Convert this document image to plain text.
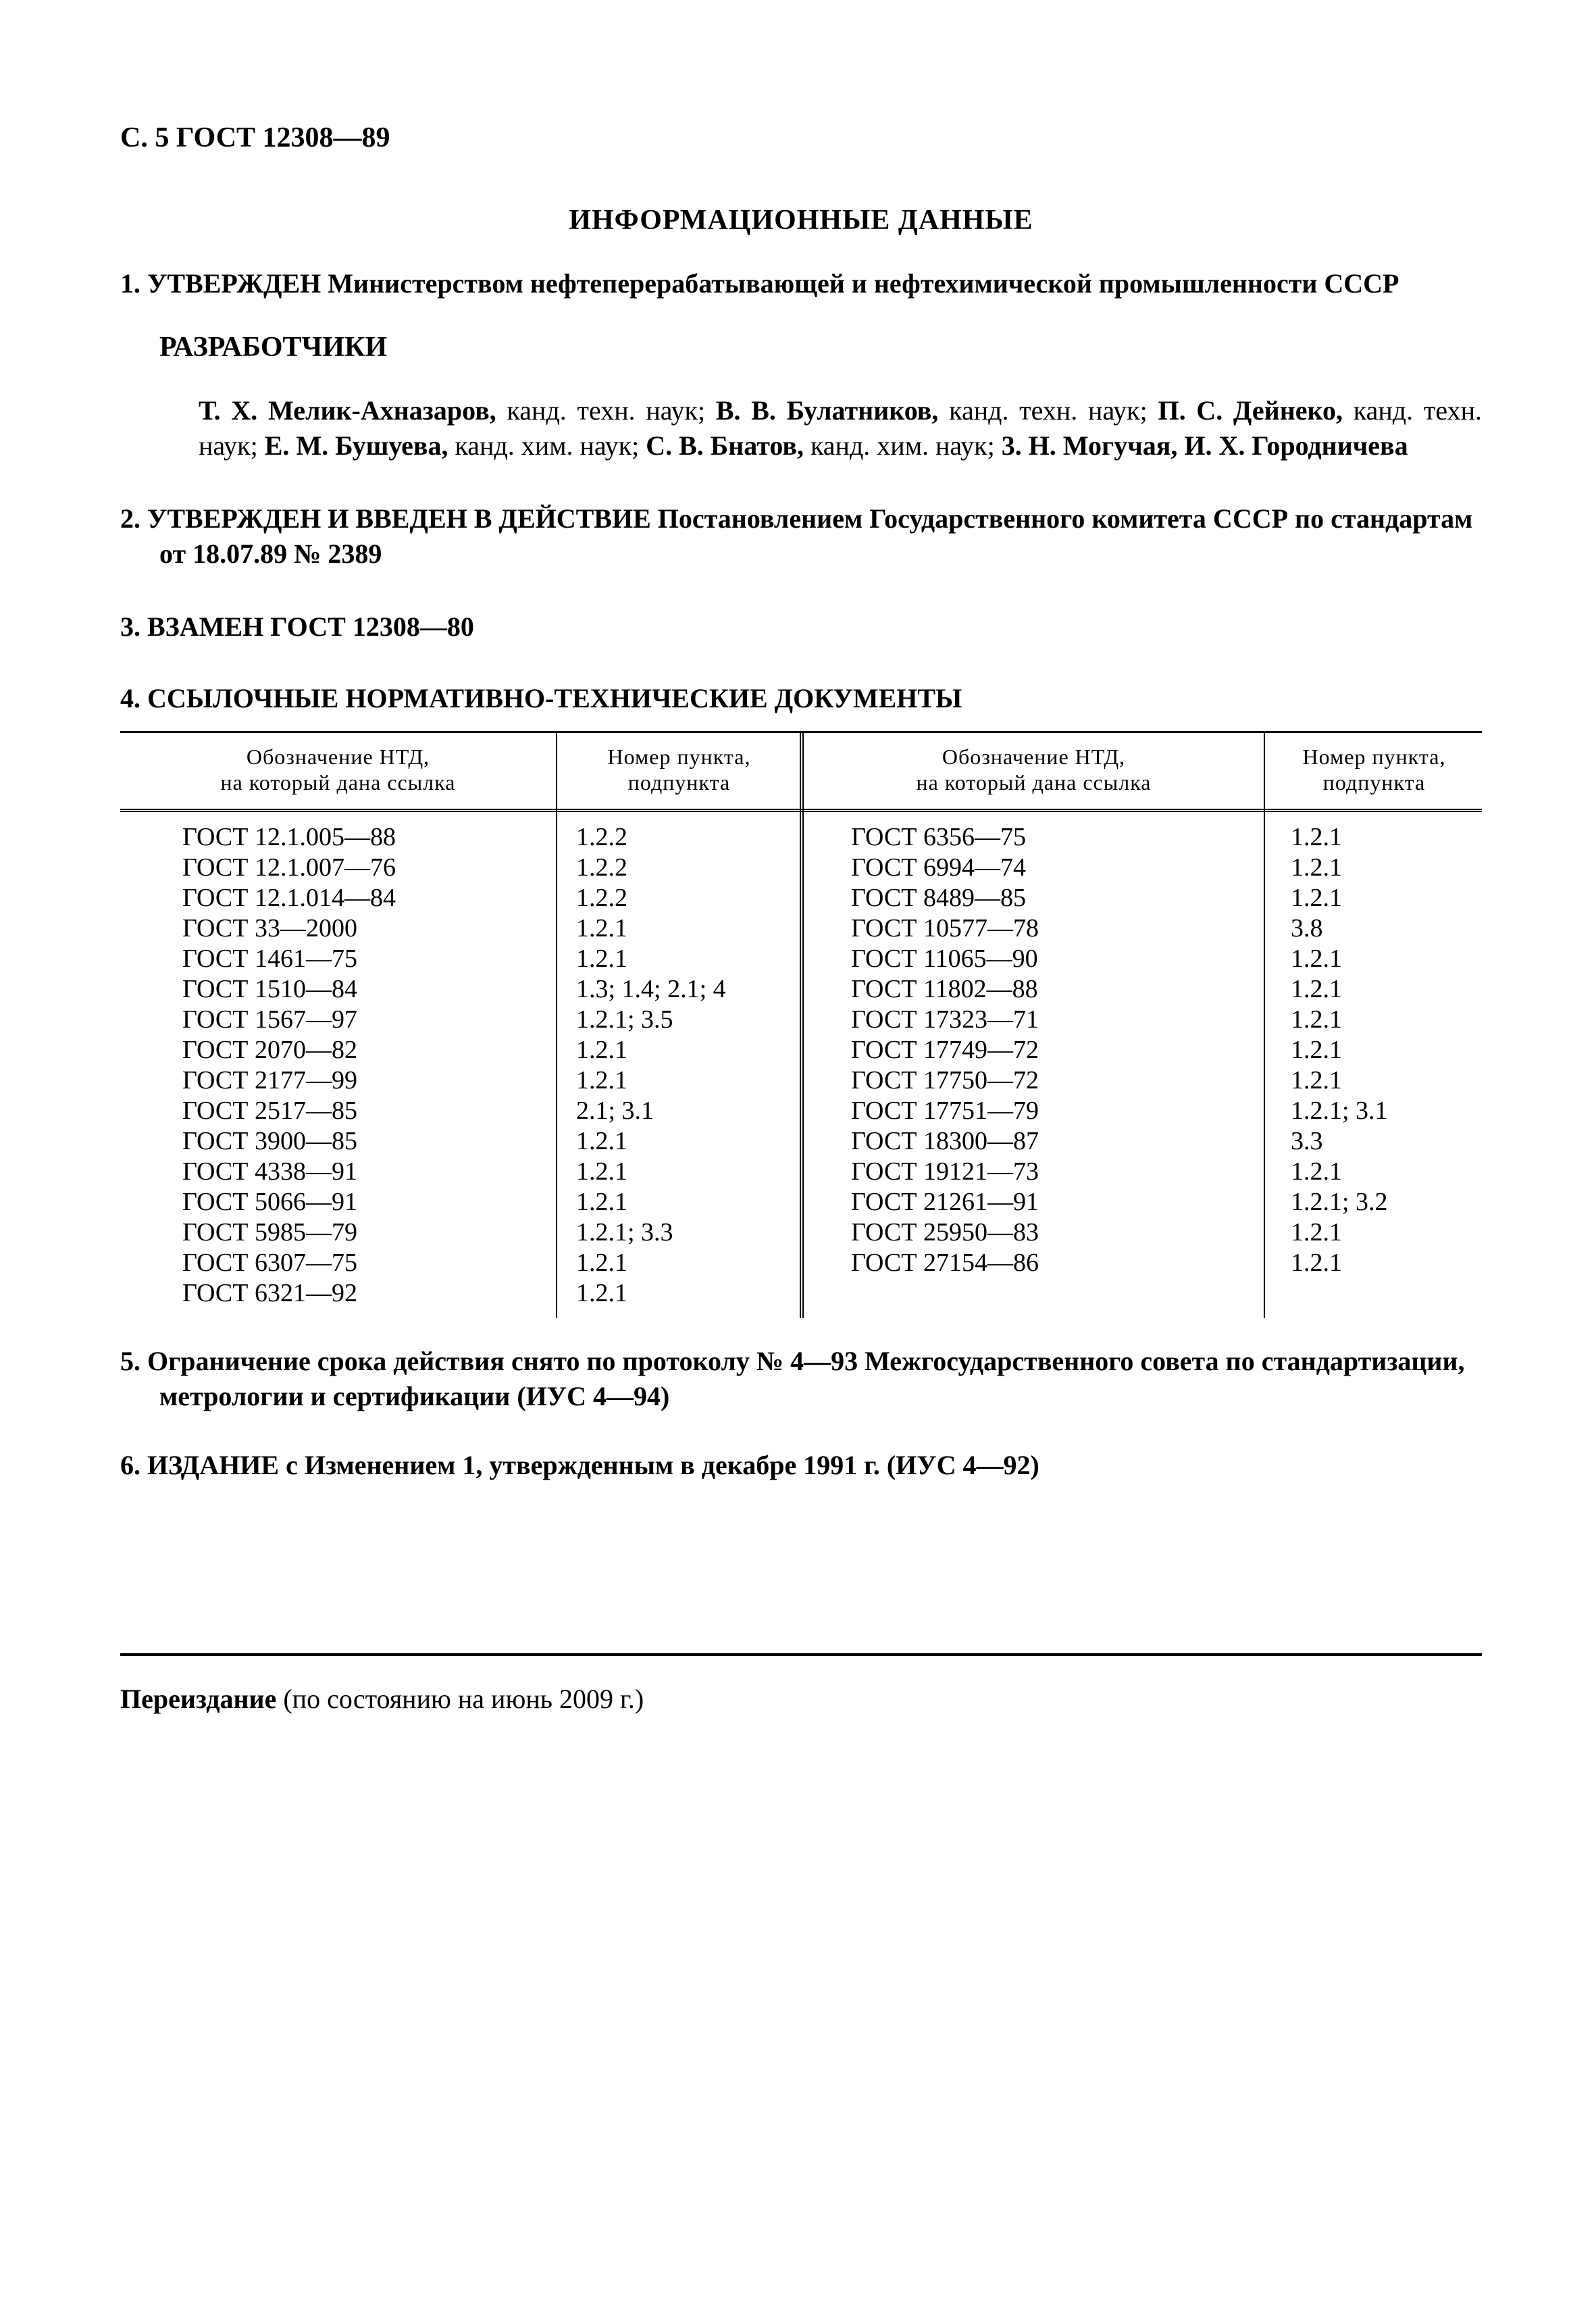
С. 5 ГОСТ 12308—89
ИНФОРМАЦИОННЫЕ ДАННЫЕ
1. УТВЕРЖДЕН Министерством нефтеперерабатывающей и нефтехимической промышленности СССР
РАЗРАБОТЧИКИ
Т. X. Мелик-Ахназаров, канд. техн. наук; В. В. Булатников, канд. техн. наук; П. С. Дейнеко, канд. техн. наук; Е. М. Бушуева, канд. хим. наук; С. В. Бнатов, канд. хим. наук; 3. Н. Могучая, И. X. Городничева
2. УТВЕРЖДЕН И ВВЕДЕН В ДЕЙСТВИЕ Постановлением Государственного комитета СССР по стандартам от 18.07.89 № 2389
3. ВЗАМЕН ГОСТ 12308—80
4. ССЫЛОЧНЫЕ НОРМАТИВНО-ТЕХНИЧЕСКИЕ ДОКУМЕНТЫ
Обозначение НТД,
на который дана ссылка
ГОСТ 12.1.005—88
ГОСТ 12.1.007—76
ГОСТ 12.1.014—84
ГОСТ 33—2000
ГОСТ 1461—75
ГОСТ 1510—84
ГОСТ 1567—97
ГОСТ 2070—82
ГОСТ 2177—99
ГОСТ 2517—85
ГОСТ 3900—85
ГОСТ 4338—91
ГОСТ 5066—91
ГОСТ 5985—79
ГОСТ 6307—75
ГОСТ 6321—92
Номер пункта,
подпункта
1.2.2
1.2.2
1.2.2
1.2.1
1.2.1
1.3; 1.4; 2.1; 4
1.2.1; 3.5
1.2.1
1.2.1
2.1; 3.1
1.2.1
1.2.1
1.2.1
1.2.1; 3.3
1.2.1
1.2.1
Обозначение НТД,
на который дана ссылка
ГОСТ 6356—75
ГОСТ 6994—74
ГОСТ 8489—85
ГОСТ 10577—78
ГОСТ 11065—90
ГОСТ 11802—88
ГОСТ 17323—71
ГОСТ 17749—72
ГОСТ 17750—72
ГОСТ 17751—79
ГОСТ 18300—87
ГОСТ 19121—73
ГОСТ 21261—91
ГОСТ 25950—83
ГОСТ 27154—86
Номер пункта,
подпункта
1.2.1
1.2.1
1.2.1
3.8
1.2.1
1.2.1
1.2.1
1.2.1
1.2.1
1.2.1; 3.1
3.3
1.2.1
1.2.1; 3.2
1.2.1
1.2.1
5. Ограничение срока действия снято по протоколу № 4—93 Межгосударственного совета по стандартизации, метрологии и сертификации (ИУС 4—94)
6. ИЗДАНИЕ с Изменением 1, утвержденным в декабре 1991 г. (ИУС 4—92)
Переиздание (по состоянию на июнь 2009 г.)
